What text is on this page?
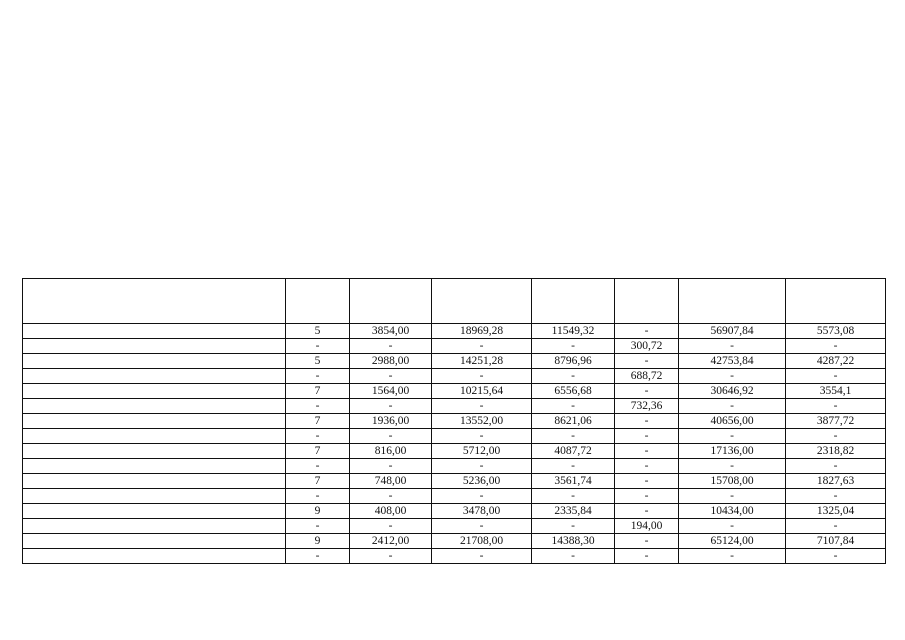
	5	3854,00	18969,28	11549,32	-	56907,84	5573,08
	-	-	-	-	300,72	-	-
	5	2988,00	14251,28	8796,96	-	42753,84	4287,22
	-	-	-	-	688,72	-	-
	7	1564,00	10215,64	6556,68	-	30646,92	3554,1
	-	-	-	-	732,36	-	-
	7	1936,00	13552,00	8621,06	-	40656,00	3877,72
	-	-	-	-	-	-	-
	7	816,00	5712,00	4087,72	-	17136,00	2318,82
	-	-	-	-	-	-	-
	7	748,00	5236,00	3561,74	-	15708,00	1827,63
	-	-	-	-	-	-	-
	9	408,00	3478,00	2335,84	-	10434,00	1325,04
	-	-	-	-	194,00	-	-
	9	2412,00	21708,00	14388,30	-	65124,00	7107,84
	-	-	-	-	-	-	-
